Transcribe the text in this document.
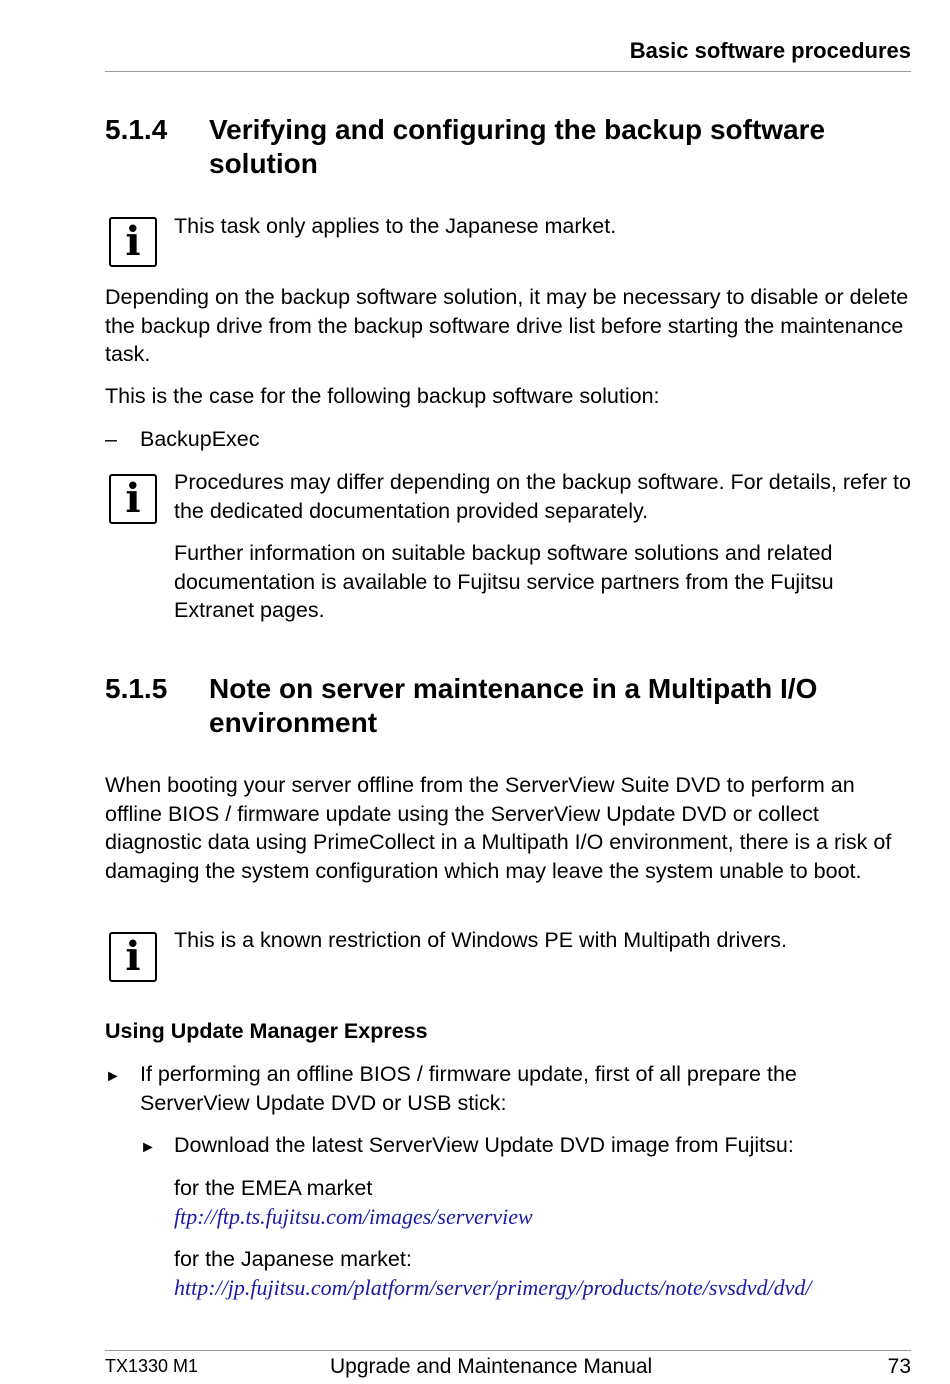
Basic software procedures
5.1.4 Verifying and configuring the backup software solution
i	This task only applies to the Japanese market.
Depending on the backup software solution, it may be necessary to disable or delete the backup drive from the backup software drive list before starting the maintenance task.
This is the case for the following backup software solution:
– BackupExec
i	Procedures may differ depending on the backup software. For details, refer to the dedicated documentation provided separately.
Further information on suitable backup software solutions and related documentation is available to Fujitsu service partners from the Fujitsu Extranet pages.
5.1.5 Note on server maintenance in a Multipath I/O environment
When booting your server offline from the ServerView Suite DVD to perform an offline BIOS / firmware update using the ServerView Update DVD or collect diagnostic data using PrimeCollect in a Multipath I/O environment, there is a risk of damaging the system configuration which may leave the system unable to boot.
i	This is a known restriction of Windows PE with Multipath drivers.
Using Update Manager Express
► If performing an offline BIOS / firmware update, first of all prepare the ServerView Update DVD or USB stick:
► Download the latest ServerView Update DVD image from Fujitsu:
for the EMEA market
ftp://ftp.ts.fujitsu.com/images/serverview
for the Japanese market:
http://jp.fujitsu.com/platform/server/primergy/products/note/svsdvd/dvd/
TX1330 M1	Upgrade and Maintenance Manual	73
